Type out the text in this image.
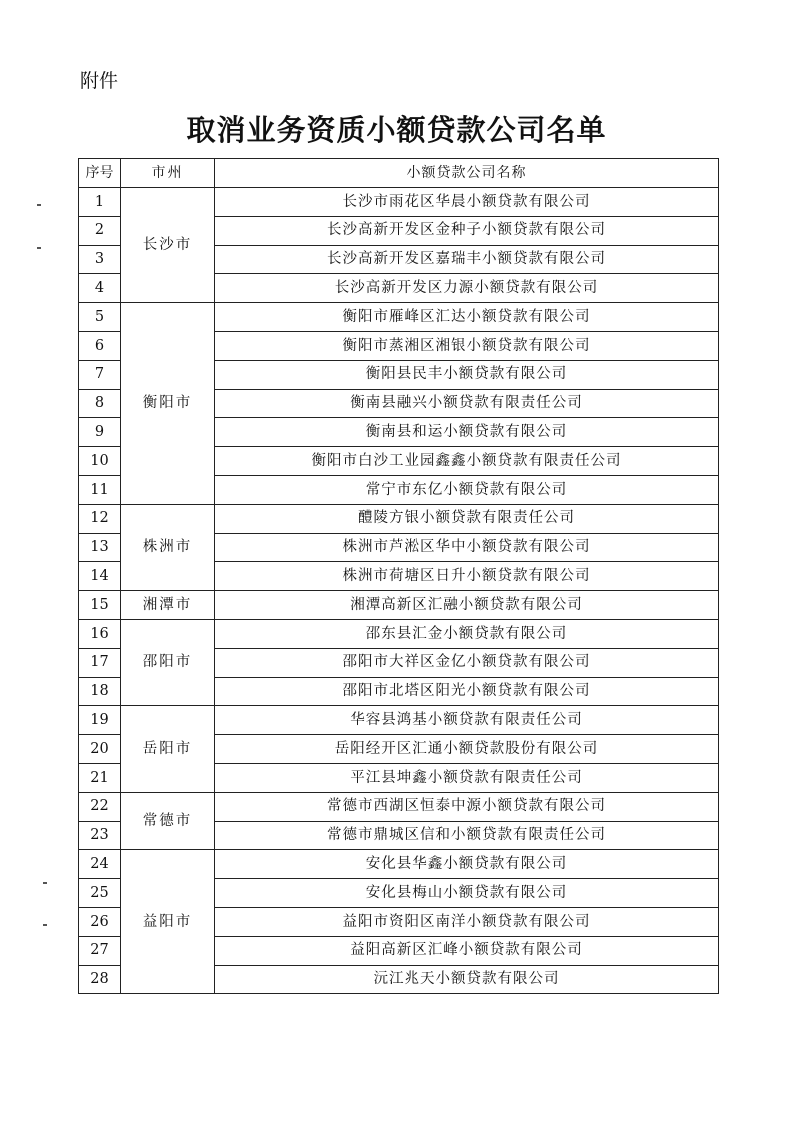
附件
取消业务资质小额贷款公司名单
序号	市州	小额贷款公司名称
1	长沙市	长沙市雨花区华晨小额贷款有限公司
2		长沙高新开发区金种子小额贷款有限公司
3		长沙高新开发区嘉瑞丰小额贷款有限公司
4		长沙高新开发区力源小额贷款有限公司
5	衡阳市	衡阳市雁峰区汇达小额贷款有限公司
6		衡阳市蒸湘区湘银小额贷款有限公司
7		衡阳县民丰小额贷款有限公司
8		衡南县融兴小额贷款有限责任公司
9		衡南县和运小额贷款有限公司
10		衡阳市白沙工业园鑫鑫小额贷款有限责任公司
11		常宁市东亿小额贷款有限公司
12	株洲市	醴陵方银小额贷款有限责任公司
13		株洲市芦淞区华中小额贷款有限公司
14		株洲市荷塘区日升小额贷款有限公司
15	湘潭市	湘潭高新区汇融小额贷款有限公司
16	邵阳市	邵东县汇金小额贷款有限公司
17		邵阳市大祥区金亿小额贷款有限公司
18		邵阳市北塔区阳光小额贷款有限公司
19	岳阳市	华容县鸿基小额贷款有限责任公司
20		岳阳经开区汇通小额贷款股份有限公司
21		平江县坤鑫小额贷款有限责任公司
22	常德市	常德市西湖区恒泰中源小额贷款有限公司
23		常德市鼎城区信和小额贷款有限责任公司
24	益阳市	安化县华鑫小额贷款有限公司
25		安化县梅山小额贷款有限公司
26		益阳市资阳区南洋小额贷款有限公司
27		益阳高新区汇峰小额贷款有限公司
28		沅江兆天小额贷款有限公司
